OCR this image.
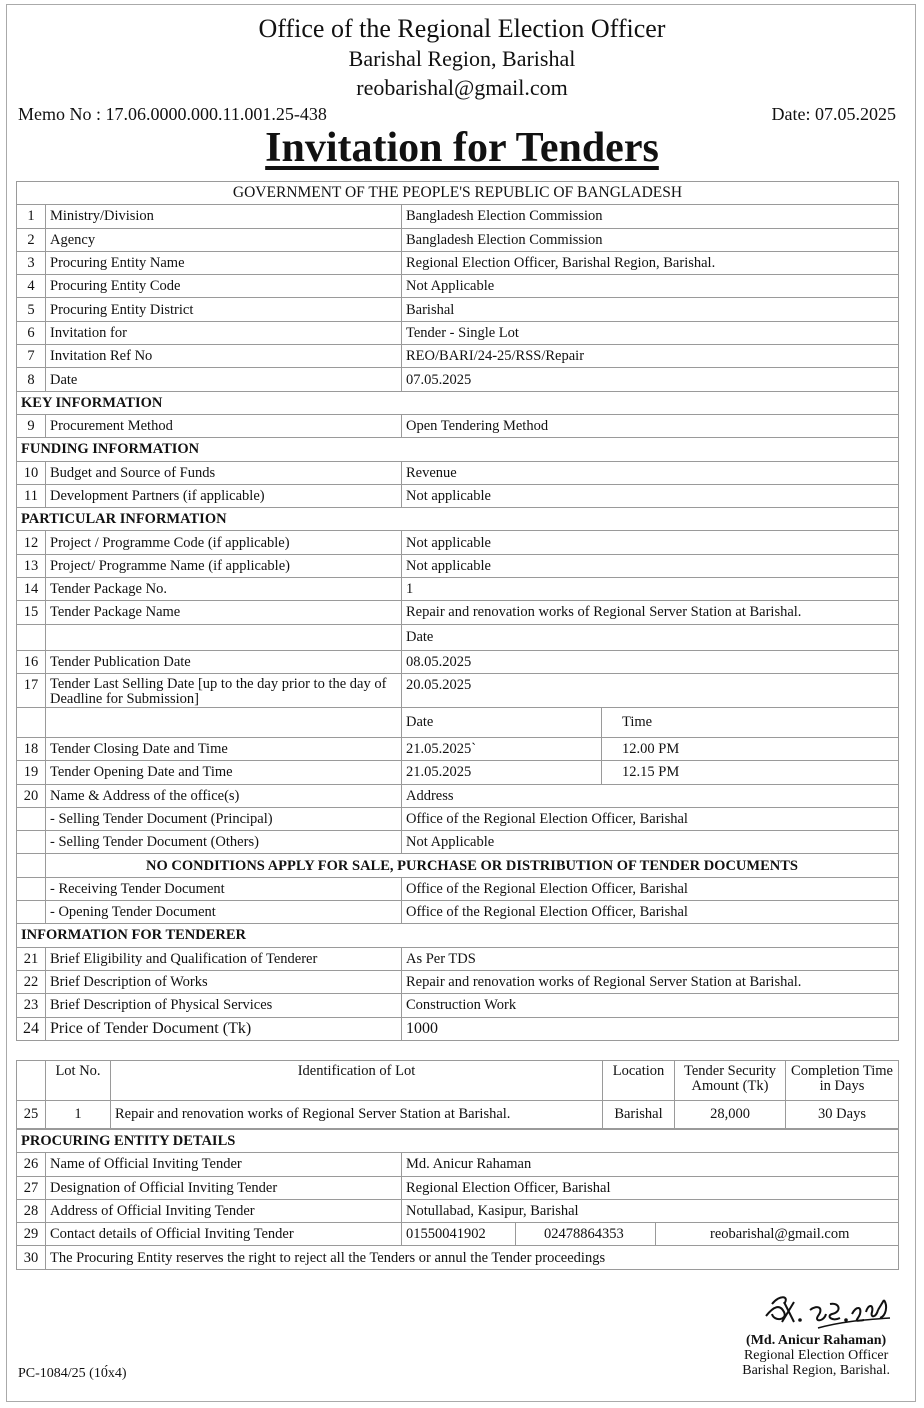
Office of the Regional Election Officer
Barishal Region, Barishal
reobarishal@gmail.com
Memo No : 17.06.0000.000.11.001.25-438	Date: 07.05.2025
Invitation for Tenders
GOVERNMENT OF THE PEOPLE'S REPUBLIC OF BANGLADESH			
1	Ministry/Division	Bangladesh Election Commission	
2	Agency	Bangladesh Election Commission	
3	Procuring Entity Name	Regional Election Officer, Barishal Region, Barishal.	
4	Procuring Entity Code	Not Applicable	
5	Procuring Entity District	Barishal	
6	Invitation for	Tender - Single Lot	
7	Invitation Ref No	REO/BARI/24-25/RSS/Repair	
8	Date	07.05.2025	
KEY INFORMATION			
9	Procurement Method	Open Tendering Method	
FUNDING INFORMATION			
10	Budget and Source of Funds	Revenue	
11	Development Partners (if applicable)	Not applicable	
PARTICULAR INFORMATION			
12	Project / Programme Code (if applicable)	Not applicable	
13	Project/ Programme Name (if applicable)	Not applicable	
14	Tender Package No.	1	
15	Tender Package Name	Repair and renovation works of Regional Server Station at Barishal.	
		Date	
16	Tender Publication Date	08.05.2025	
17	Tender Last Selling Date [up to the day prior to the day of Deadline for Submission]	20.05.2025	
		Date	Time
18	Tender Closing Date and Time	21.05.2025`	12.00 PM
19	Tender Opening Date and Time	21.05.2025	12.15 PM
20	Name & Address of the office(s)	Address	
	- Selling Tender Document (Principal)	Office of the Regional Election Officer, Barishal	
	- Selling Tender Document (Others)	Not Applicable	
	NO CONDITIONS APPLY FOR SALE, PURCHASE OR DISTRIBUTION OF TENDER DOCUMENTS		
	- Receiving Tender Document	Office of the Regional Election Officer, Barishal	
	- Opening Tender Document	Office of the Regional Election Officer, Barishal	
INFORMATION FOR TENDERER			
21	Brief Eligibility and Qualification of Tenderer	As Per TDS	
22	Brief Description of Works	Repair and renovation works of Regional Server Station at Barishal.	
23	Brief Description of Physical Services	Construction Work	
24	Price of Tender Document (Tk)	1000	
	Lot No.	Identification of Lot	Location	Tender Security Amount (Tk)	Completion Time in Days
25	1	Repair and renovation works of Regional Server Station at Barishal.	Barishal	28,000	30 Days
PROCURING ENTITY DETAILS				
26	Name of Official Inviting Tender	Md. Anicur Rahaman		
27	Designation of Official Inviting Tender	Regional Election Officer, Barishal		
28	Address of Official Inviting Tender	Notullabad, Kasipur, Barishal		
29	Contact details of Official Inviting Tender	01550041902	02478864353	reobarishal@gmail.com
30	The Procuring Entity reserves the right to reject all the Tenders or annul the Tender proceedings			
(Md. Anicur Rahaman)
Regional Election Officer
Barishal Region, Barishal.
PC-1084/25 (10́x4)
